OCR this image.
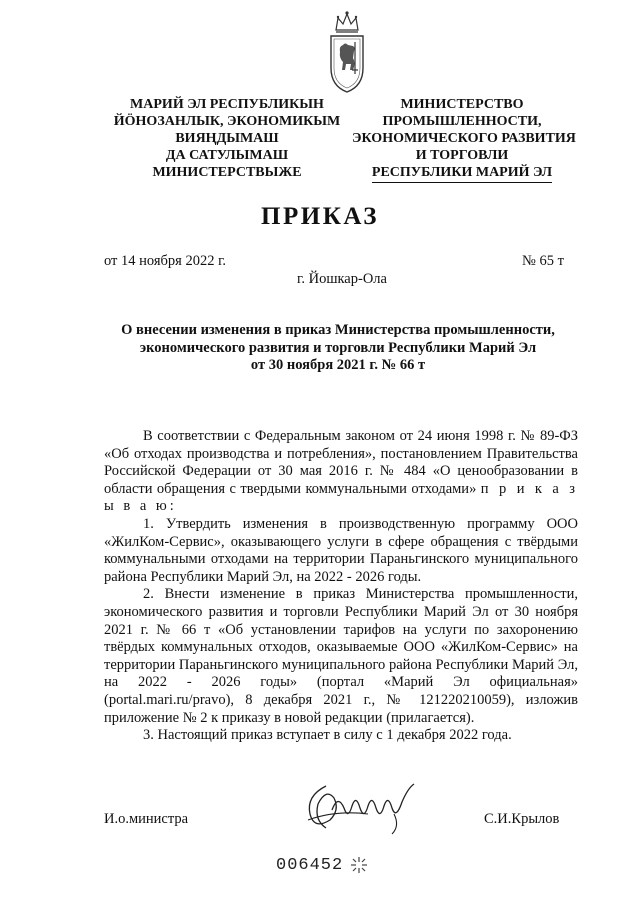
МАРИЙ ЭЛ РЕСПУБЛИКЫН
ЙӦНОЗАНЛЫК, ЭКОНОМИКЫМ
ВИЯҢДЫМАШ
ДА САТУЛЫМАШ
МИНИСТЕРСТВЫЖЕ
МИНИСТЕРСТВО
ПРОМЫШЛЕННОСТИ,
ЭКОНОМИЧЕСКОГО РАЗВИТИЯ
И ТОРГОВЛИ
РЕСПУБЛИКИ МАРИЙ ЭЛ
ПРИКАЗ
от 14 ноября 2022 г.	№ 65 т
г. Йошкар-Ола
О внесении изменения в приказ Министерства промышленности,
экономического развития и торговли Республики Марий Эл
от 30 ноября 2021 г. № 66 т

В соответствии с Федеральным законом от 24 июня 1998 г. № 89-ФЗ «Об отходах производства и потребления», постановлением Правительства Российской Федерации от 30 мая 2016 г. № 484 «О ценообразовании в области обращения с твердыми коммунальными отходами» п р и к а з ы в а ю:

1. Утвердить изменения в производственную программу ООО «ЖилКом-Сервис», оказывающего услуги в сфере обращения с твёрдыми коммунальными отходами на территории Параньгинского муниципального района Республики Марий Эл, на 2022 - 2026 годы.

2. Внести изменение в приказ Министерства промышленности, экономического развития и торговли Республики Марий Эл от 30 ноября 2021 г. № 66 т «Об установлении тарифов на услуги по захоронению твёрдых коммунальных отходов, оказываемые ООО «ЖилКом-Сервис» на территории Параньгинского муниципального района Республики Марий Эл, на 2022 - 2026 годы» (портал «Марий Эл официальная» (portal.mari.ru/pravo), 8 декабря 2021 г., № 121220210059), изложив приложение № 2 к приказу в новой редакции (прилагается).

3. Настоящий приказ вступает в силу с 1 декабря 2022 года.

И.о.министра	С.И.Крылов
006452
